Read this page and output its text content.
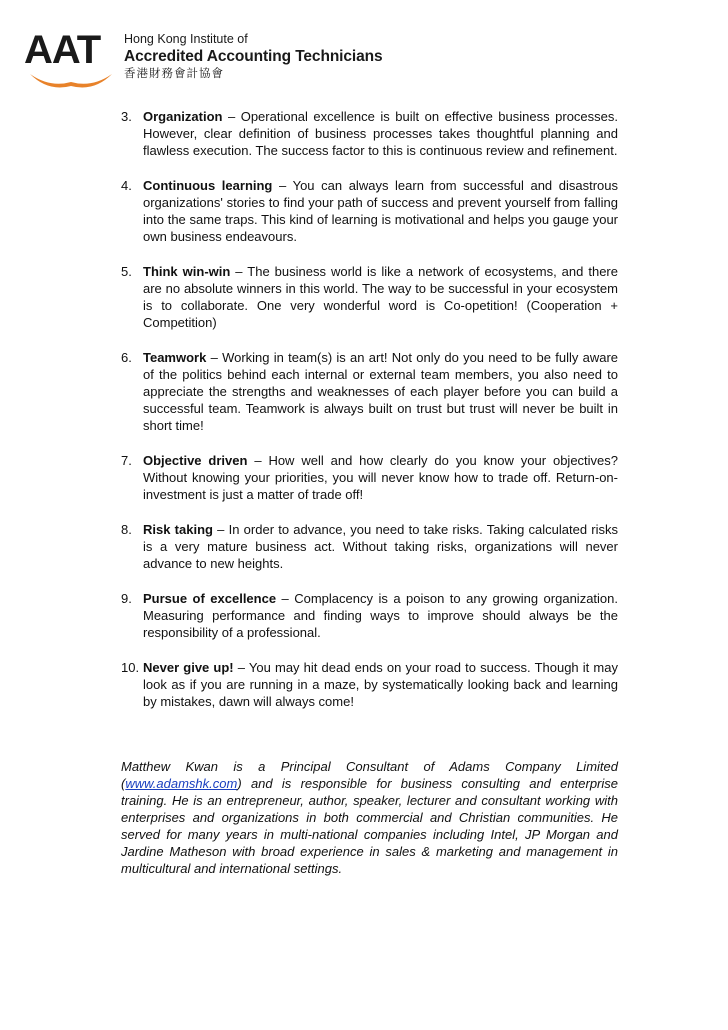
AAT Hong Kong Institute of
Accredited Accounting Technicians
香港財務會計協會
3. Organization – Operational excellence is built on effective business processes. However, clear definition of business processes takes thoughtful planning and flawless execution. The success factor to this is continuous review and refinement.
4. Continuous learning – You can always learn from successful and disastrous organizations' stories to find your path of success and prevent yourself from falling into the same traps. This kind of learning is motivational and helps you gauge your own business endeavours.
5. Think win-win – The business world is like a network of ecosystems, and there are no absolute winners in this world. The way to be successful in your ecosystem is to collaborate. One very wonderful word is Co-opetition! (Cooperation + Competition)
6. Teamwork – Working in team(s) is an art! Not only do you need to be fully aware of the politics behind each internal or external team members, you also need to appreciate the strengths and weaknesses of each player before you can build a successful team. Teamwork is always built on trust but trust will never be built in short time!
7. Objective driven – How well and how clearly do you know your objectives? Without knowing your priorities, you will never know how to trade off. Return-on-investment is just a matter of trade off!
8. Risk taking – In order to advance, you need to take risks. Taking calculated risks is a very mature business act. Without taking risks, organizations will never advance to new heights.
9. Pursue of excellence – Complacency is a poison to any growing organization. Measuring performance and finding ways to improve should always be the responsibility of a professional.
10. Never give up! – You may hit dead ends on your road to success. Though it may look as if you are running in a maze, by systematically looking back and learning by mistakes, dawn will always come!

Matthew Kwan is a Principal Consultant of Adams Company Limited (www.adamshk.com) and is responsible for business consulting and enterprise training. He is an entrepreneur, author, speaker, lecturer and consultant working with enterprises and organizations in both commercial and Christian communities. He served for many years in multi-national companies including Intel, JP Morgan and Jardine Matheson with broad experience in sales & marketing and management in multicultural and international settings.
